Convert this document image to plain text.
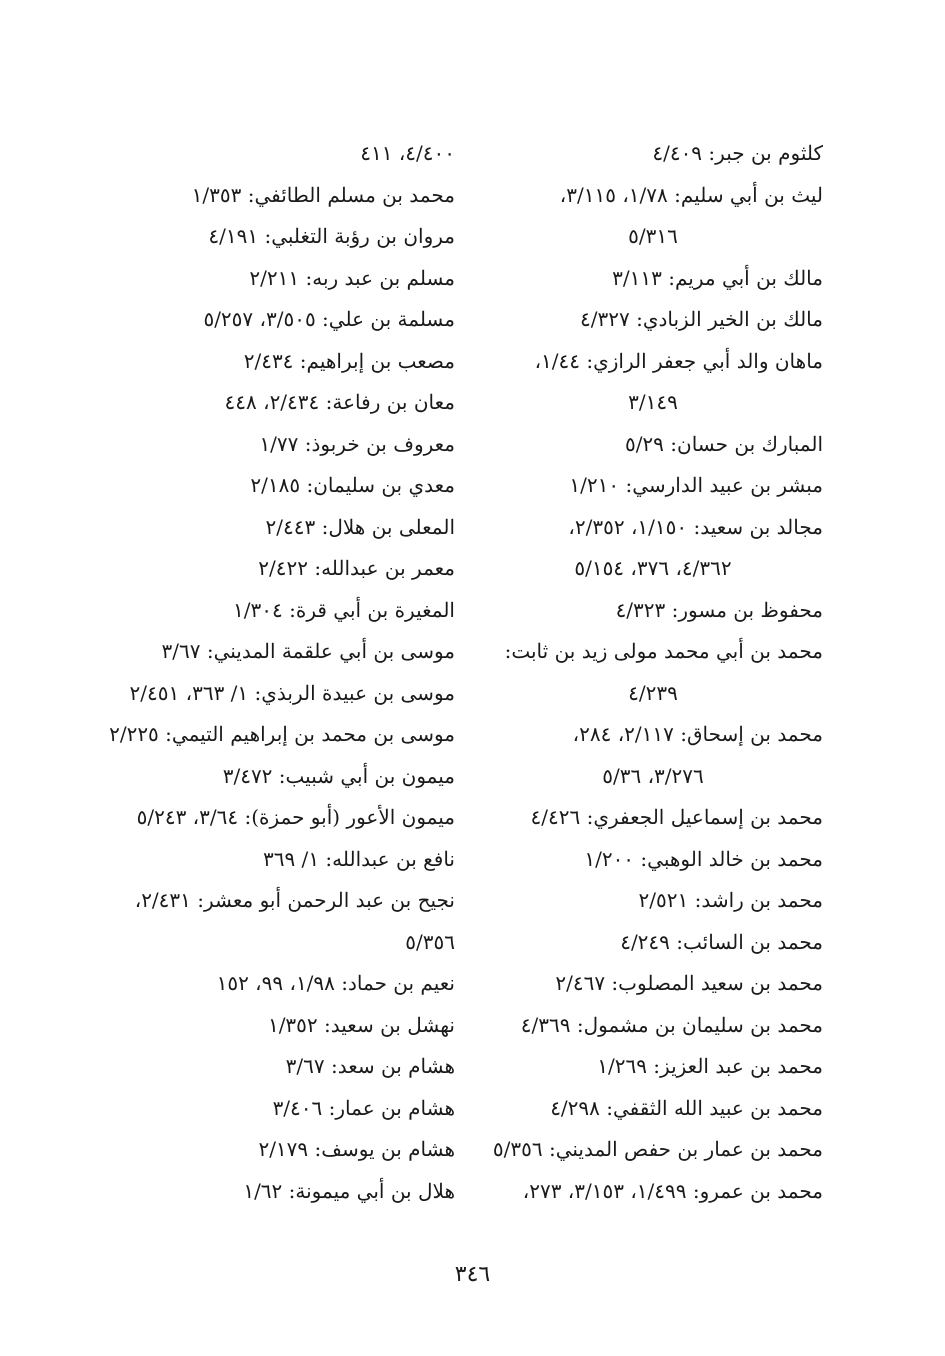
كلثوم بن جبر: ٤/٤٠٩
ليث بن أبي سليم: ١/٧٨، ٣/١١٥،
٥/٣١٦
مالك بن أبي مريم: ٣/١١٣
مالك بن الخير الزبادي: ٤/٣٢٧
ماهان والد أبي جعفر الرازي: ١/٤٤،
٣/١٤٩
المبارك بن حسان: ٥/٢٩
مبشر بن عبيد الدارسي: ١/٢١٠
مجالد بن سعيد: ١/١٥٠، ٢/٣٥٢،
٤/٣٦٢، ٣٧٦، ٥/١٥٤
محفوظ بن مسور: ٤/٣٢٣
محمد بن أبي محمد مولى زيد بن ثابت:
٤/٢٣٩
محمد بن إسحاق: ٢/١١٧، ٢٨٤،
٣/٢٧٦، ٥/٣٦
محمد بن إسماعيل الجعفري: ٤/٤٢٦
محمد بن خالد الوهبي: ١/٢٠٠
محمد بن راشد: ٢/٥٢١
محمد بن السائب: ٤/٢٤٩
محمد بن سعيد المصلوب: ٢/٤٦٧
محمد بن سليمان بن مشمول: ٤/٣٦٩
محمد بن عبد العزيز: ١/٢٦٩
محمد بن عبيد الله الثقفي: ٤/٢٩٨
محمد بن عمار بن حفص المديني: ٥/٣٥٦
محمد بن عمرو: ١/٤٩٩، ٣/١٥٣، ٢٧٣،
٤/٤٠٠، ٤١١
محمد بن مسلم الطائفي: ١/٣٥٣
مروان بن رؤبة التغلبي: ٤/١٩١
مسلم بن عبد ربه: ٢/٢١١
مسلمة بن علي: ٣/٥٠٥، ٥/٢٥٧
مصعب بن إبراهيم: ٢/٤٣٤
معان بن رفاعة: ٢/٤٣٤، ٤٤٨
معروف بن خربوذ: ١/٧٧
معدي بن سليمان: ٢/١٨٥
المعلى بن هلال: ٢/٤٤٣
معمر بن عبدالله: ٢/٤٢٢
المغيرة بن أبي قرة: ١/٣٠٤
موسى بن أبي علقمة المديني: ٣/٦٧
موسى بن عبيدة الربذي: ١/ ٣٦٣، ٢/٤٥١
موسى بن محمد بن إبراهيم التيمي: ٢/٢٢٥
ميمون بن أبي شبيب: ٣/٤٧٢
ميمون الأعور (أبو حمزة): ٣/٦٤، ٥/٢٤٣
نافع بن عبدالله: ١/ ٣٦٩
نجيح بن عبد الرحمن أبو معشر: ٢/٤٣١،
٥/٣٥٦
نعيم بن حماد: ١/٩٨، ٩٩، ١٥٢
نهشل بن سعيد: ١/٣٥٢
هشام بن سعد: ٣/٦٧
هشام بن عمار: ٣/٤٠٦
هشام بن يوسف: ٢/١٧٩
هلال بن أبي ميمونة: ١/٦٢
٣٤٦
